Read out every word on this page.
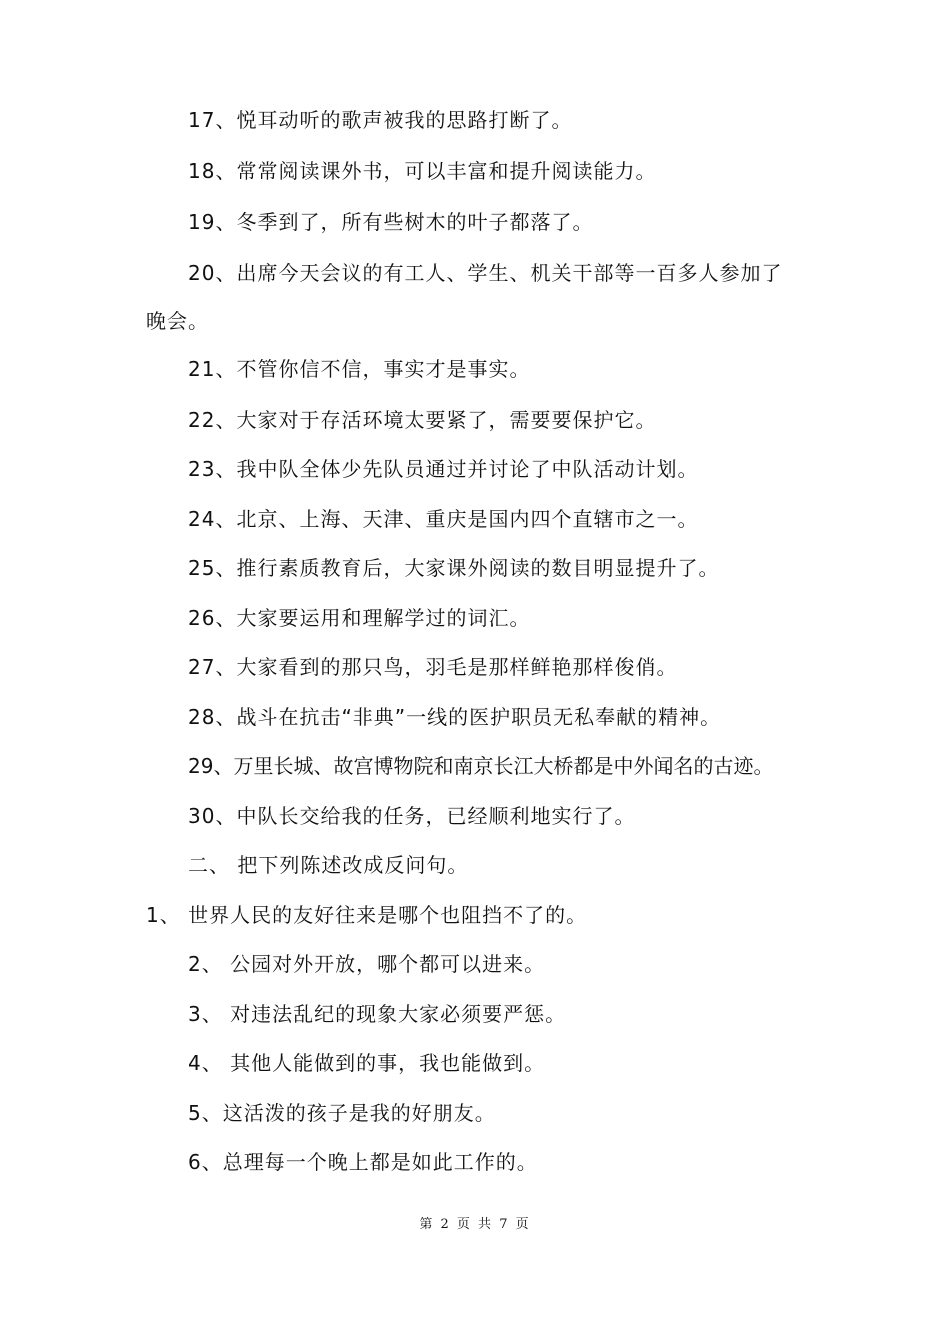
17、悦耳动听的歌声被我的思路打断了。
18、常常阅读课外书，可以丰富和提升阅读能力。
19、冬季到了，所有些树木的叶子都落了。
20、出席今天会议的有工人、学生、机关干部等一百多人参加了
晚会。
21、不管你信不信，事实才是事实。
22、大家对于存活环境太要紧了，需要要保护它。
23、我中队全体少先队员通过并讨论了中队活动计划。
24、北京、上海、天津、重庆是国内四个直辖市之一。
25、推行素质教育后，大家课外阅读的数目明显提升了。
26、大家要运用和理解学过的词汇。
27、大家看到的那只鸟，羽毛是那样鲜艳那样俊俏。
28、战斗在抗击“非典”一线的医护职员无私奉献的精神。
29、万里长城、故宫博物院和南京长江大桥都是中外闻名的古迹。
30、中队长交给我的任务，已经顺利地实行了。
二、 把下列陈述改成反问句。
1、 世界人民的友好往来是哪个也阻挡不了的。
2、 公园对外开放，哪个都可以进来。
3、 对违法乱纪的现象大家必须要严惩。
4、 其他人能做到的事，我也能做到。
5、这活泼的孩子是我的好朋友。
6、总理每一个晚上都是如此工作的。
第 2 页 共 7 页
